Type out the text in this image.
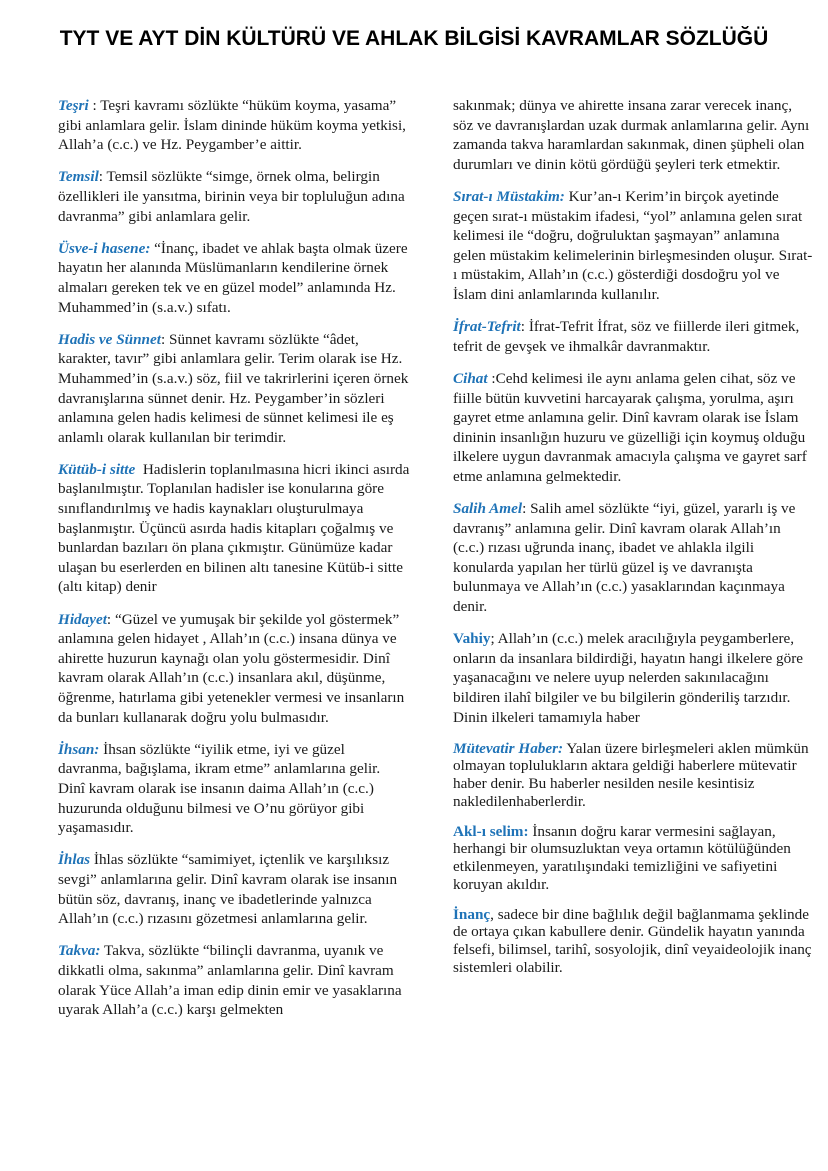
TYT VE AYT DİN KÜLTÜRÜ VE AHLAK BİLGİSİ KAVRAMLAR SÖZLÜĞÜ

Teşri : Teşri kavramı sözlükte “hüküm koyma, yasama” gibi anlamlara gelir. İslam dininde hüküm koyma yetkisi, Allah’a (c.c.) ve Hz. Peygamber’e aittir.

Temsil: Temsil sözlükte “simge, örnek olma, belirgin özellikleri ile yansıtma, birinin veya bir topluluğun adına davranma” gibi anlamlara gelir.

Üsve-i hasene: “İnanç, ibadet ve ahlak başta olmak üzere hayatın her alanında Müslümanların kendilerine örnek almaları gereken tek ve en güzel model” anlamında Hz. Muhammed’in (s.a.v.) sıfatı.

Hadis ve Sünnet: Sünnet kavramı sözlükte “âdet, karakter, tavır” gibi anlamlara gelir. Terim olarak ise Hz. Muhammed’in (s.a.v.) söz, fiil ve takrirlerini içeren örnek davranışlarına sünnet denir. Hz. Peygamber’in sözleri anlamına gelen hadis kelimesi de sünnet kelimesi ile eş anlamlı olarak kullanılan bir terimdir.

Kütüb-i sitte Hadislerin toplanılmasına hicri ikinci asırda başlanılmıştır. Toplanılan hadisler ise konularına göre sınıflandırılmış ve hadis kaynakları oluşturulmaya başlanmıştır. Üçüncü asırda hadis kitapları çoğalmış ve bunlardan bazıları ön plana çıkmıştır. Günümüze kadar ulaşan bu eserlerden en bilinen altı tanesine Kütüb-i sitte (altı kitap) denir

Hidayet: “Güzel ve yumuşak bir şekilde yol göstermek” anlamına gelen hidayet , Allah’ın (c.c.) insana dünya ve ahirette huzurun kaynağı olan yolu göstermesidir. Dinî kavram olarak Allah’ın (c.c.) insanlara akıl, düşünme, öğrenme, hatırlama gibi yetenekler vermesi ve insanların da bunları kullanarak doğru yolu bulmasıdır.

İhsan: İhsan sözlükte “iyilik etme, iyi ve güzel davranma, bağışlama, ikram etme” anlamlarına gelir. Dinî kavram olarak ise insanın daima Allah’ın (c.c.) huzurunda olduğunu bilmesi ve O’nu görüyor gibi yaşamasıdır.

İhlas İhlas sözlükte “samimiyet, içtenlik ve karşılıksız sevgi” anlamlarına gelir. Dinî kavram olarak ise insanın bütün söz, davranış, inanç ve ibadetlerinde yalnızca Allah’ın (c.c.) rızasını gözetmesi anlamlarına gelir.

Takva: Takva, sözlükte “bilinçli davranma, uyanık ve dikkatli olma, sakınma” anlamlarına gelir. Dinî kavram olarak Yüce Allah’a iman edip dinin emir ve yasaklarına uyarak Allah’a (c.c.) karşı gelmekten

sakınmak; dünya ve ahirette insana zarar verecek inanç, söz ve davranışlardan uzak durmak anlamlarına gelir. Aynı zamanda takva haramlardan sakınmak, dinen şüpheli olan durumları ve dinin kötü gördüğü şeyleri terk etmektir.

Sırat-ı Müstakim: Kur’an-ı Kerim’in birçok ayetinde geçen sırat-ı müstakim ifadesi, “yol” anlamına gelen sırat kelimesi ile “doğru, doğruluktan şaşmayan” anlamına gelen müstakim kelimelerinin birleşmesinden oluşur. Sırat-ı müstakim, Allah’ın (c.c.) gösterdiği dosdoğru yol ve İslam dini anlamlarında kullanılır.

İfrat-Tefrit: İfrat-Tefrit İfrat, söz ve fiillerde ileri gitmek, tefrit de gevşek ve ihmalkâr davranmaktır.

Cihat :Cehd kelimesi ile aynı anlama gelen cihat, söz ve fiille bütün kuvvetini harcayarak çalışma, yorulma, aşırı gayret etme anlamına gelir. Dinî kavram olarak ise İslam dininin insanlığın huzuru ve güzelliği için koymuş olduğu ilkelere uygun davranmak amacıyla çalışma ve gayret sarf etme anlamına gelmektedir.

Salih Amel: Salih amel sözlükte “iyi, güzel, yararlı iş ve davranış” anlamına gelir. Dinî kavram olarak Allah’ın (c.c.) rızası uğrunda inanç, ibadet ve ahlakla ilgili konularda yapılan her türlü güzel iş ve davranışta bulunmaya ve Allah’ın (c.c.) yasaklarından kaçınmaya denir.

Vahiy; Allah’ın (c.c.) melek aracılığıyla peygamberlere, onların da insanlara bildirdiği, hayatın hangi ilkelere göre yaşanacağını ve nelere uyup nelerden sakınılacağını bildiren ilahî bilgiler ve bu bilgilerin gönderiliş tarzıdır. Dinin ilkeleri tamamıyla haber

Mütevatir Haber: Yalan üzere birleşmeleri aklen mümkün olmayan toplulukların aktara geldiği haberlere mütevatir haber denir. Bu haberler nesilden nesile kesintisiz nakledilenhaberlerdir.

Akl-ı selim: İnsanın doğru karar vermesini sağlayan, herhangi bir olumsuzluktan veya ortamın kötülüğünden etkilenmeyen, yaratılışındaki temizliğini ve safiyetini koruyan akıldır.

İnanç, sadece bir dine bağlılık değil bağlanmama şeklinde de ortaya çıkan kabullere denir. Gündelik hayatın yanında felsefi, bilimsel, tarihî, sosyolojik, dinî veyaideolojik inanç sistemleri olabilir.
